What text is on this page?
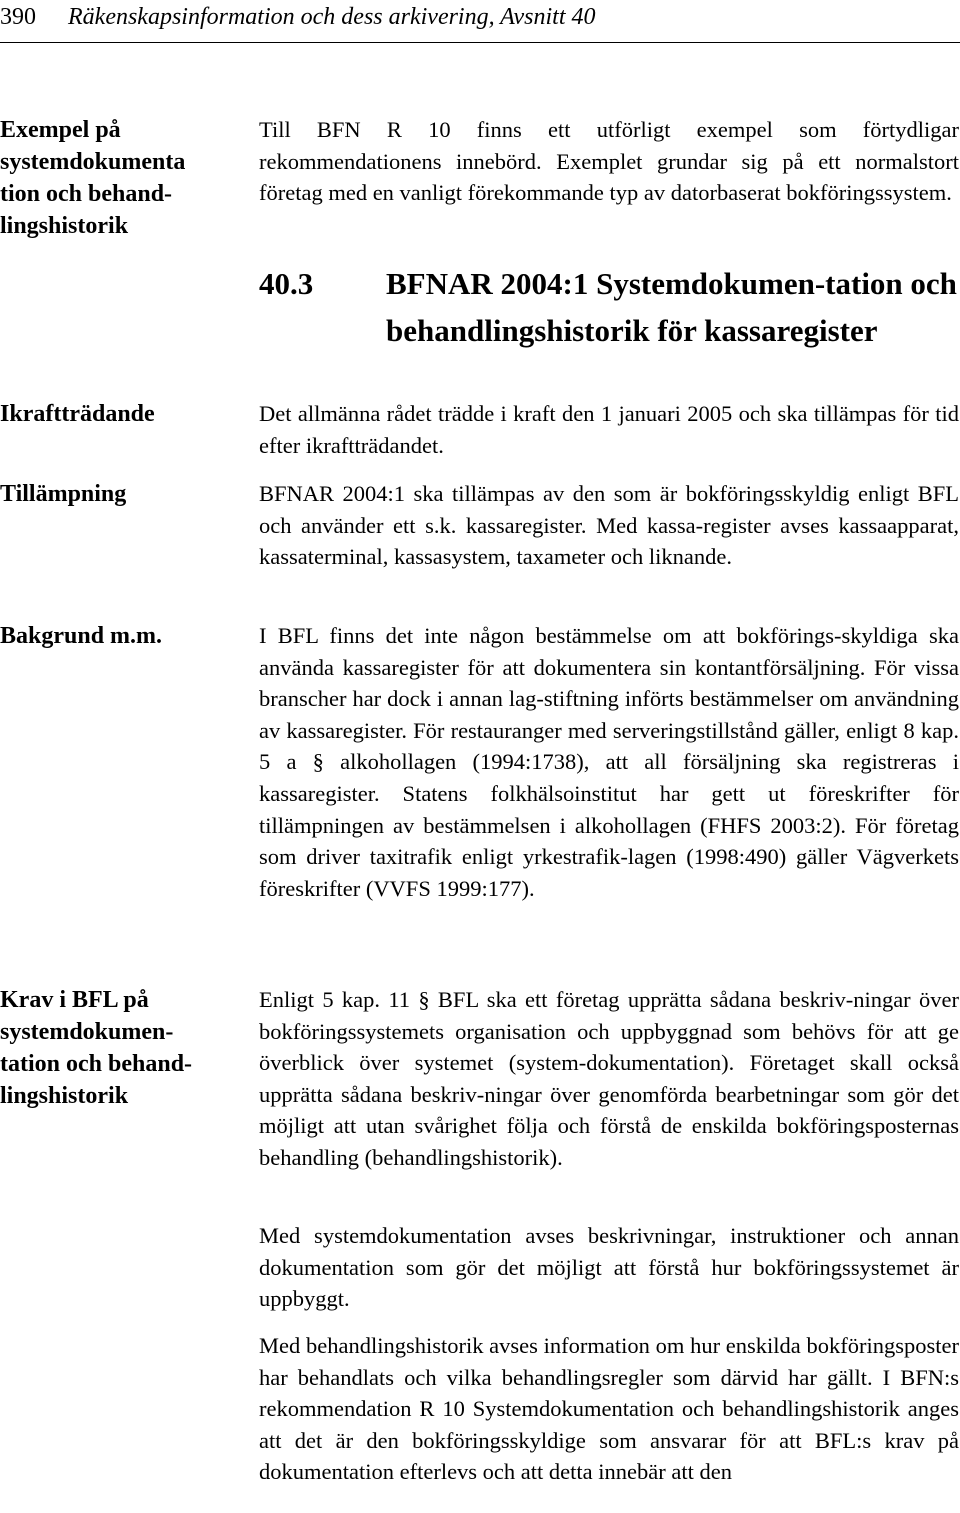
390 Räkenskapsinformation och dess arkivering, Avsnitt 40
Exempel på systemdokumenta tion och behand-lingshistorik
Ikraftträdande
Tillämpning
Bakgrund m.m.
Krav i BFL på systemdokumen-tation och behand-lingshistorik
Till BFN R 10 finns ett utförligt exempel som förtydligar rekommendationens innebörd. Exemplet grundar sig på ett normalstort företag med en vanligt förekommande typ av datorbaserat bokföringssystem.
40.3 BFNAR 2004:1 Systemdokumen-tation och behandlingshistorik för kassaregister
Det allmänna rådet trädde i kraft den 1 januari 2005 och ska tillämpas för tid efter ikraftträdandet.
BFNAR 2004:1 ska tillämpas av den som är bokföringsskyldig enligt BFL och använder ett s.k. kassaregister. Med kassa-register avses kassaapparat, kassaterminal, kassasystem, taxameter och liknande.
I BFL finns det inte någon bestämmelse om att bokförings-skyldiga ska använda kassaregister för att dokumentera sin kontantförsäljning. För vissa branscher har dock i annan lag-stiftning införts bestämmelser om användning av kassaregister. För restauranger med serveringstillstånd gäller, enligt 8 kap. 5 a § alkohollagen (1994:1738), att all försäljning ska registreras i kassaregister. Statens folkhälsoinstitut har gett ut föreskrifter för tillämpningen av bestämmelsen i alkohollagen (FHFS 2003:2). För företag som driver taxitrafik enligt yrkestrafik-lagen (1998:490) gäller Vägverkets föreskrifter (VVFS 1999:177).
Enligt 5 kap. 11 § BFL ska ett företag upprätta sådana beskriv-ningar över bokföringssystemets organisation och uppbyggnad som behövs för att ge överblick över systemet (system-dokumentation). Företaget skall också upprätta sådana beskriv-ningar över genomförda bearbetningar som gör det möjligt att utan svårighet följa och förstå de enskilda bokföringsposternas behandling (behandlingshistorik).
Med systemdokumentation avses beskrivningar, instruktioner och annan dokumentation som gör det möjligt att förstå hur bokföringssystemet är uppbyggt.
Med behandlingshistorik avses information om hur enskilda bokföringsposter har behandlats och vilka behandlingsregler som därvid har gällt. I BFN:s rekommendation R 10 Systemdokumentation och behandlingshistorik anges att det är den bokföringsskyldige som ansvarar för att BFL:s krav på dokumentation efterlevs och att detta innebär att den
